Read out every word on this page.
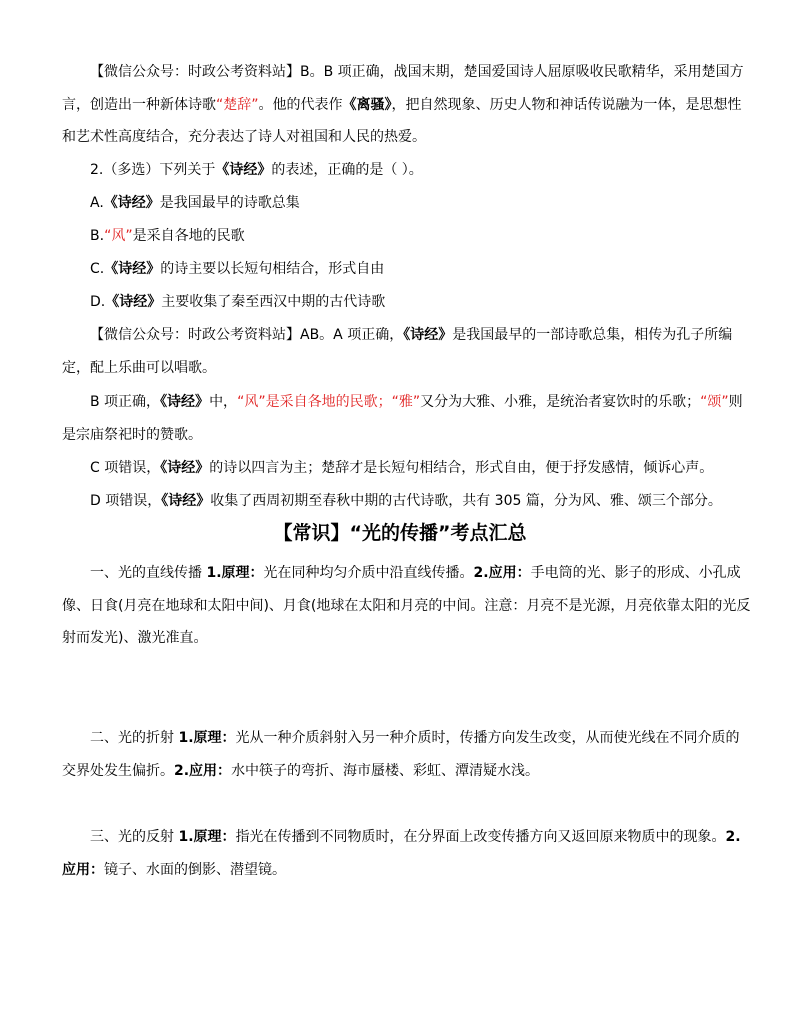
【微信公众号：时政公考资料站】B。B 项正确，战国末期，楚国爱国诗人屈原吸收民歌精华，采用楚国方言，创造出一种新体诗歌“楚辞”。他的代表作《离骚》，把自然现象、历史人物和神话传说融为一体，是思想性和艺术性高度结合，充分表达了诗人对祖国和人民的热爱。

2.（多选）下列关于《诗经》的表述，正确的是（ ）。

A.《诗经》是我国最早的诗歌总集

B.“风”是采自各地的民歌

C.《诗经》的诗主要以长短句相结合，形式自由

D.《诗经》主要收集了秦至西汉中期的古代诗歌

【微信公众号：时政公考资料站】AB。A 项正确，《诗经》是我国最早的一部诗歌总集，相传为孔子所编定，配上乐曲可以唱歌。

B 项正确，《诗经》中，“风”是采自各地的民歌；“雅”又分为大雅、小雅，是统治者宴饮时的乐歌；“颂”则是宗庙祭祀时的赞歌。

C 项错误，《诗经》的诗以四言为主；楚辞才是长短句相结合，形式自由，便于抒发感情，倾诉心声。

D 项错误，《诗经》收集了西周初期至春秋中期的古代诗歌，共有 305 篇，分为风、雅、颂三个部分。

【常识】“光的传播”考点汇总

一、光的直线传播 1.原理：光在同种均匀介质中沿直线传播。2.应用：手电筒的光、影子的形成、小孔成像、日食(月亮在地球和太阳中间)、月食(地球在太阳和月亮的中间。注意：月亮不是光源，月亮依靠太阳的光反射而发光)、激光准直。

二、光的折射 1.原理：光从一种介质斜射入另一种介质时，传播方向发生改变，从而使光线在不同介质的交界处发生偏折。2.应用：水中筷子的弯折、海市蜃楼、彩虹、潭清疑水浅。

三、光的反射 1.原理：指光在传播到不同物质时，在分界面上改变传播方向又返回原来物质中的现象。2.应用：镜子、水面的倒影、潜望镜。
